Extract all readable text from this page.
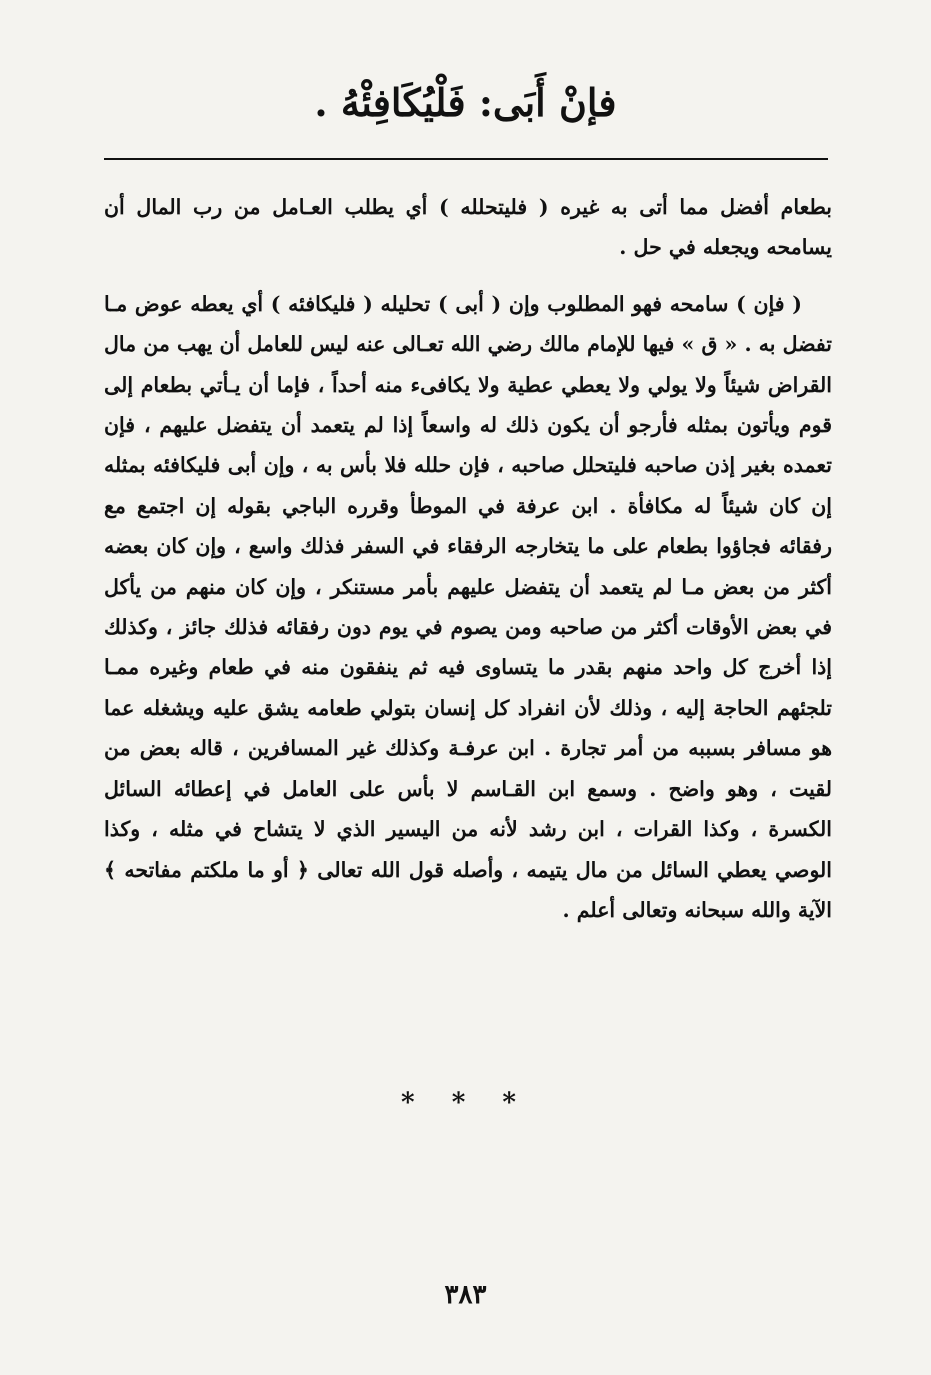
فإنْ أَبَى: فَلْيُكَافِئْهُ .

بطعام أفضل مما أتى به غيره ( فليتحلله ) أي يطلب العـامل من رب المال أن يسامحه ويجعله في حل .

( فإن ) سامحه فهو المطلوب وإن ( أبى ) تحليله ( فليكافئه ) أي يعطه عوض مـا تفضل به . « ق » فيها للإمام مالك رضي الله تعـالى عنه ليس للعامل أن يهب من مال القراض شيئاً ولا يولي ولا يعطي عطية ولا يكافىء منه أحداً ، فإما أن يـأتي بطعام إلى قوم ويأتون بمثله فأرجو أن يكون ذلك له واسعاً إذا لم يتعمد أن يتفضل عليهم ، فإن تعمده بغير إذن صاحبه فليتحلل صاحبه ، فإن حلله فلا بأس به ، وإن أبى فليكافئه بمثله إن كان شيئاً له مكافأة . ابن عرفة في الموطأ وقرره الباجي بقوله إن اجتمع مع رفقائه فجاؤوا بطعام على ما يتخارجه الرفقاء في السفر فذلك واسع ، وإن كان بعضه أكثر من بعض مـا لم يتعمد أن يتفضل عليهم بأمر مستنكر ، وإن كان منهم من يأكل في بعض الأوقات أكثر من صاحبه ومن يصوم في يوم دون رفقائه فذلك جائز ، وكذلك إذا أخرج كل واحد منهم بقدر ما يتساوى فيه ثم ينفقون منه في طعام وغيره ممـا تلجئهم الحاجة إليه ، وذلك لأن انفراد كل إنسان بتولي طعامه يشق عليه ويشغله عما هو مسافر بسببه من أمر تجارة . ابن عرفـة وكذلك غير المسافرين ، قاله بعض من لقيت ، وهو واضح . وسمع ابن القـاسم لا بأس على العامل في إعطائه السائل الكسرة ، وكذا القرات ، ابن رشد لأنه من اليسير الذي لا يتشاح في مثله ، وكذا الوصي يعطي السائل من مال يتيمه ، وأصله قول الله تعالى ﴿ أو ما ملكتم مفاتحه ﴾ الآية والله سبحانه وتعالى أعلم .

* * *
٣٨٣
